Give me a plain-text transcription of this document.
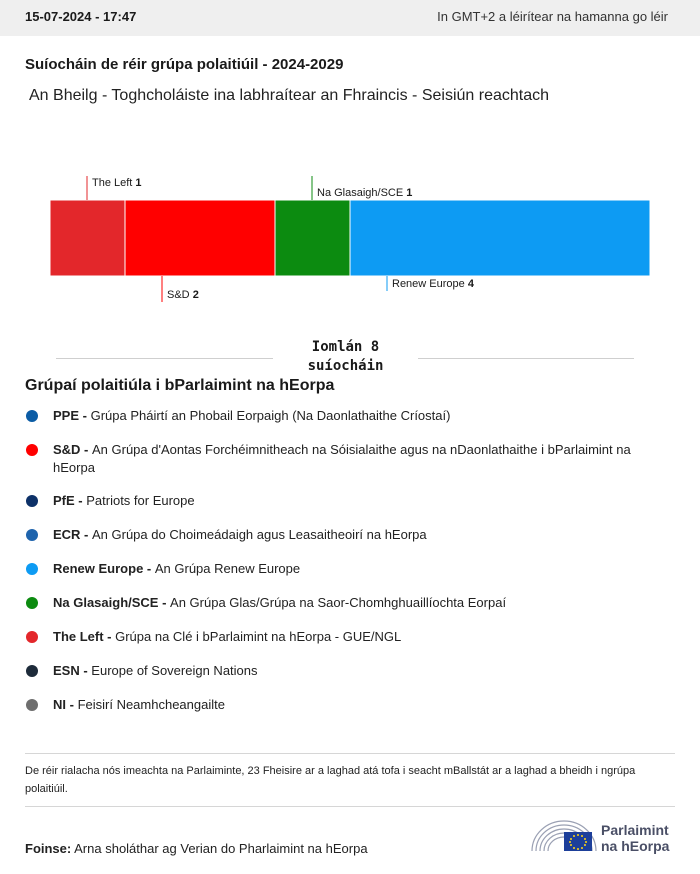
15-07-2024 - 17:47	In GMT+2 a léirítear na hamanna go léir
Suíocháin de réir grúpa polaitiúil - 2024-2029
An Bheilg - Toghcholáiste ina labhraítear an Fhraincis - Seisiún reachtach
The Left 1
S&D 2
Na Glasaigh/SCE 1
Renew Europe 4
Iomlán 8
suíocháin
Grúpaí polaitiúla i bParlaimint na hEorpa
PPE - Grúpa Pháirtí an Phobail Eorpaigh (Na Daonlathaithe Críostaí)
S&D - An Grúpa d'Aontas Forchéimnitheach na Sóisialaithe agus na nDaonlathaithe i bParlaimint na hEorpa
PfE - Patriots for Europe
ECR - An Grúpa do Choimeádaigh agus Leasaitheoirí na hEorpa
Renew Europe - An Grúpa Renew Europe
Na Glasaigh/SCE - An Grúpa Glas/Grúpa na Saor-Chomhghuaillíochta Eorpaí
The Left - Grúpa na Clé i bParlaimint na hEorpa - GUE/NGL
ESN - Europe of Sovereign Nations
NI - Feisirí Neamhcheangailte
De réir rialacha nós imeachta na Parlaiminte, 23 Fheisire ar a laghad atá tofa i seacht mBallstát ar a laghad a bheidh i ngrúpa polaitiúil.
Foinse: Arna sholáthar ag Verian do Pharlaimint na hEorpa
Parlaimint
na hEorpa
